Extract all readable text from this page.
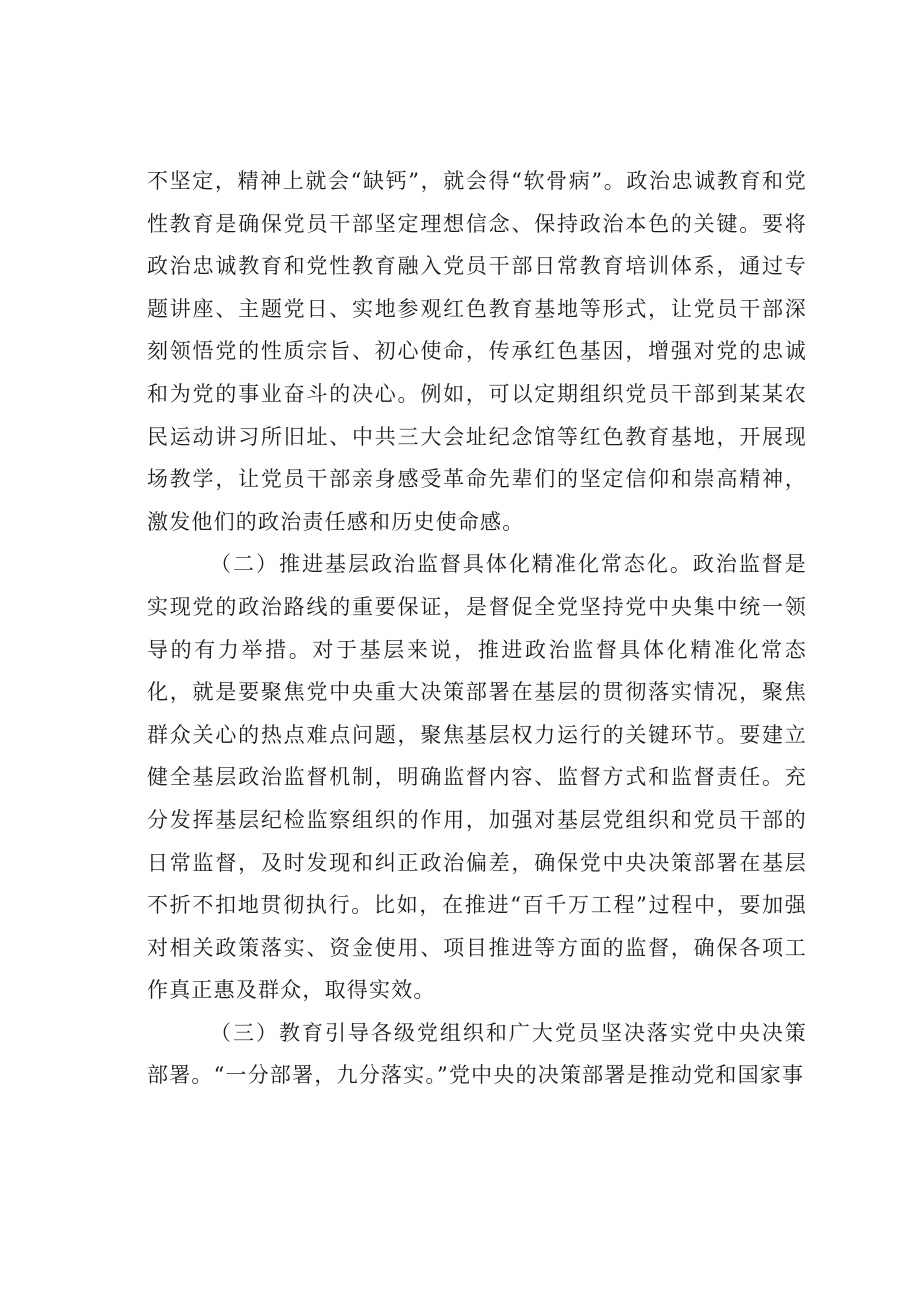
不坚定，精神上就会“缺钙”，就会得“软骨病”。政治忠诚教育和党性教育是确保党员干部坚定理想信念、保持政治本色的关键。要将政治忠诚教育和党性教育融入党员干部日常教育培训体系，通过专题讲座、主题党日、实地参观红色教育基地等形式，让党员干部深刻领悟党的性质宗旨、初心使命，传承红色基因，增强对党的忠诚和为党的事业奋斗的决心。例如，可以定期组织党员干部到某某农民运动讲习所旧址、中共三大会址纪念馆等红色教育基地，开展现场教学，让党员干部亲身感受革命先辈们的坚定信仰和崇高精神，激发他们的政治责任感和历史使命感。

（二）推进基层政治监督具体化精准化常态化。政治监督是实现党的政治路线的重要保证，是督促全党坚持党中央集中统一领导的有力举措。对于基层来说，推进政治监督具体化精准化常态化，就是要聚焦党中央重大决策部署在基层的贯彻落实情况，聚焦群众关心的热点难点问题，聚焦基层权力运行的关键环节。要建立健全基层政治监督机制，明确监督内容、监督方式和监督责任。充分发挥基层纪检监察组织的作用，加强对基层党组织和党员干部的日常监督，及时发现和纠正政治偏差，确保党中央决策部署在基层不折不扣地贯彻执行。比如，在推进“百千万工程”过程中，要加强对相关政策落实、资金使用、项目推进等方面的监督，确保各项工作真正惠及群众，取得实效。

（三）教育引导各级党组织和广大党员坚决落实党中央决策部署。“一分部署，九分落实。”党中央的决策部署是推动党和国家事
